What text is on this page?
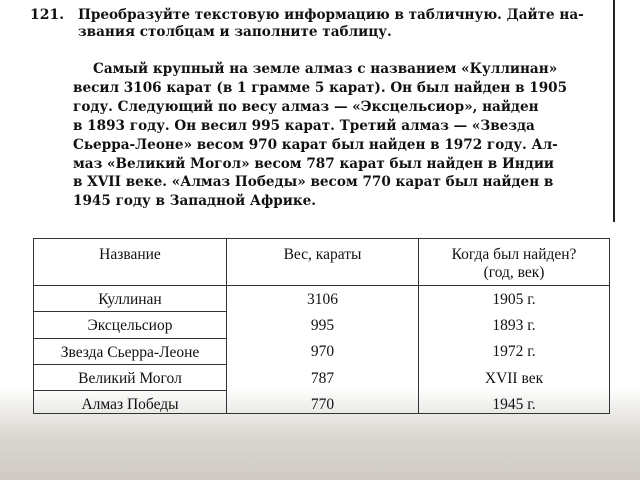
121. Преобразуйте текстовую информацию в табличную. Дайте на- звания столбцам и заполните таблицу.
Самый крупный на земле алмаз с названием «Куллинан»
весил 3106 карат (в 1 грамме 5 карат). Он был найден в 1905
году. Следующий по весу алмаз — «Эксцельсиор», найден
в 1893 году. Он весил 995 карат. Третий алмаз — «Звезда
Сьерра-Леоне» весом 970 карат был найден в 1972 году. Ал-
маз «Великий Могол» весом 787 карат был найден в Индии
в XVII веке. «Алмаз Победы» весом 770 карат был найден в
1945 году в Западной Африке.
Название	Вес, караты	Когда был найден?
(год, век)
Куллинан
Эксцельсиор
Звезда Сьерра-Леоне
Великий Могол
Алмаз Победы
3106
995
970
787
770
1905 г.
1893 г.
1972 г.
XVII век
1945 г.
